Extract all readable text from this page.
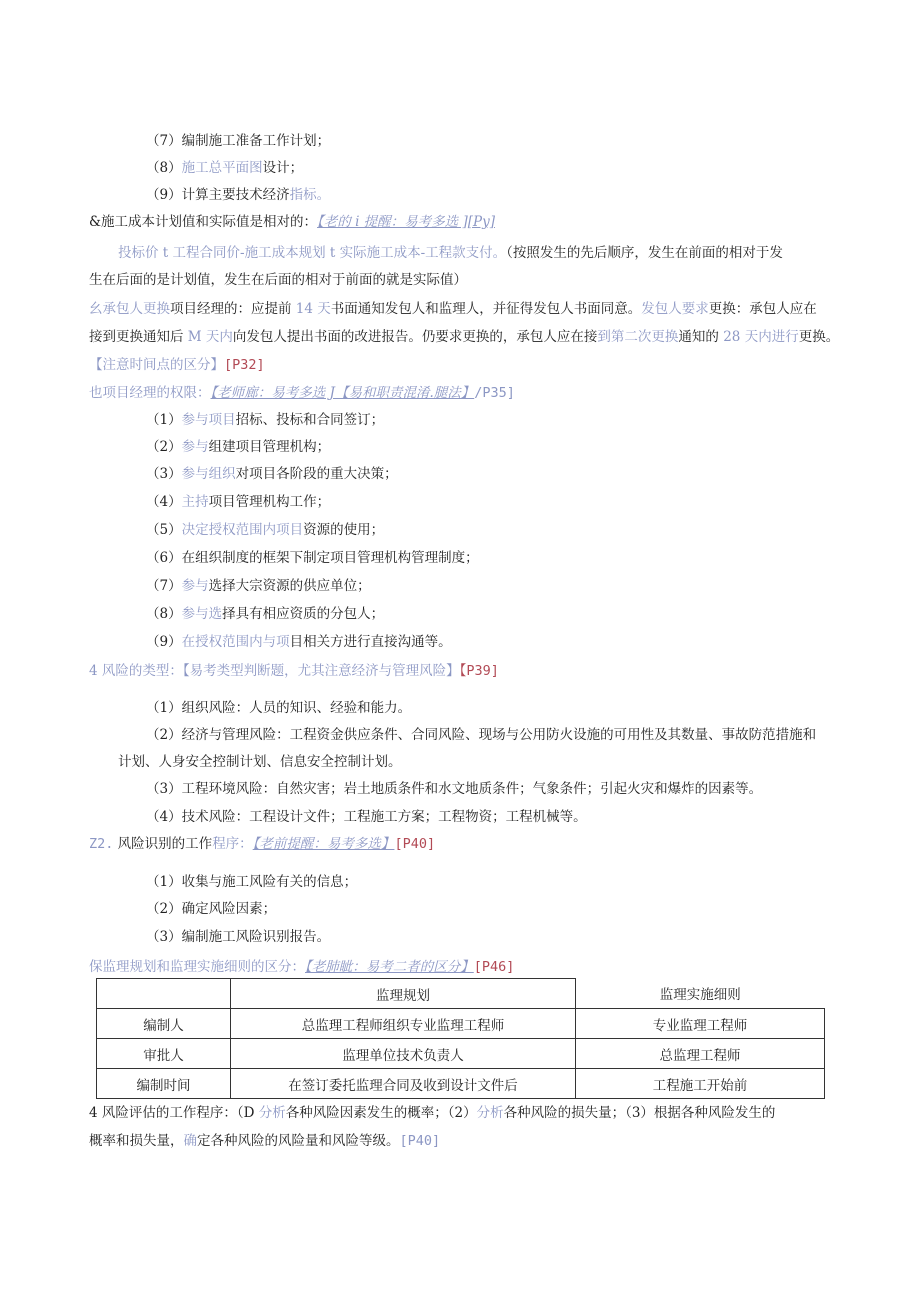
（7）编制施工准备工作计划；
（8）施工总平面图设计；
（9）计算主要技术经济指标。
&施工成本计划值和实际值是相对的：【老的 i 提醒：易考多选 ][Py]
投标价 t 工程合同价-施工成本规划 t 实际施工成本-工程款支付。（按照发生的先后顺序，发生在前面的相对于发
生在后面的是计划值，发生在后面的相对于前面的就是实际值）
幺承包人更换项目经理的：应提前 14 天书面通知发包人和监理人，并征得发包人书面同意。发包人要求更换：承包人应在
接到更换通知后 M 天内向发包人提出书面的改进报告。仍要求更换的，承包人应在接到第二次更换通知的 28 天内进行更换。
【注意时间点的区分】[P32]
也项目经理的权限：【老师廊：易考多选 J【易和职责混淆.腿法】/P35]
（1）参与项目招标、投标和合同签订；
（2）参与组建项目管理机构；
（3）参与组织对项目各阶段的重大决策；
（4）主持项目管理机构工作；
（5）决定授权范围内项目资源的使用；
（6）在组织制度的框架下制定项目管理机构管理制度；
（7）参与选择大宗资源的供应单位；
（8）参与选择具有相应资质的分包人；
（9）在授权范围内与项目相关方进行直接沟通等。
4 风险的类型：【易考类型判断题，尤其注意经济与管理风险】【P39]
（1）组织风险：人员的知识、经验和能力。
（2）经济与管理风险：工程资金供应条件、合同风险、现场与公用防火设施的可用性及其数量、事故防范措施和
计划、人身安全控制计划、信息安全控制计划。
（3）工程环境风险：自然灾害；岩土地质条件和水文地质条件；气象条件；引起火灾和爆炸的因素等。
（4）技术风险：工程设计文件；工程施工方案；工程物资；工程机械等。
Z2. 风险识别的工作程序：【老前提醒：易考多选】[P40]
（1）收集与施工风险有关的信息；
（2）确定风险因素；
（3）编制施工风险识别报告。
保监理规划和监理实施细则的区分：【老肺眦：易考二者的区分】[P46]
	监理规划	监理实施细则
编制人	总监理工程师组织专业监理工程师	专业监理工程师
审批人	监理单位技术负责人	总监理工程师
编制时间	在签订委托监理合同及收到设计文件后	工程施工开始前
4 风险评估的工作程序：（D 分析各种风险因素发生的概率；（2）分析各种风险的损失量；（3）根据各种风险发生的
概率和损失量，确定各种风险的风险量和风险等级。[P40]
